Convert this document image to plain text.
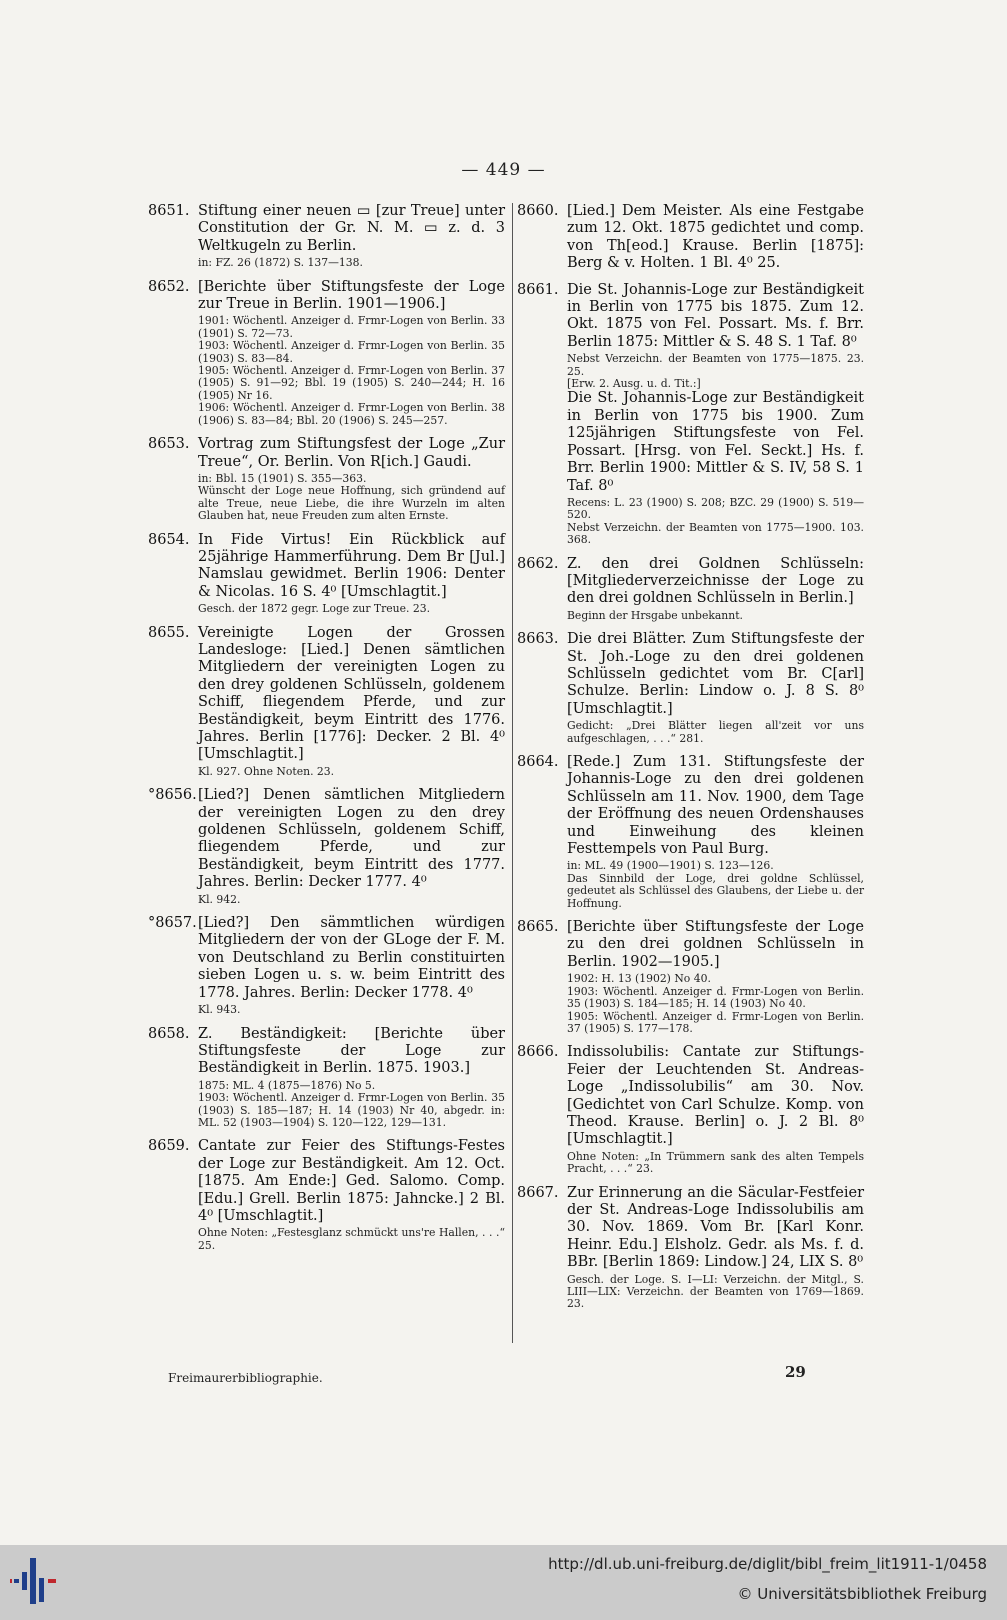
— 449 —
8651. Stiftung einer neuen ▭ [zur Treue] unter Constitution der Gr. N. M. ▭ z. d. 3 Weltkugeln zu Berlin.

in: FZ. 26 (1872) S. 137—138.

8652. [Berichte über Stiftungsfeste der Loge zur Treue in Berlin. 1901—1906.]

1901: Wöchentl. Anzeiger d. Frmr-Logen von Berlin. 33 (1901) S. 72—73.

1903: Wöchentl. Anzeiger d. Frmr-Logen von Berlin. 35 (1903) S. 83—84.

1905: Wöchentl. Anzeiger d. Frmr-Logen von Berlin. 37 (1905) S. 91—92; Bbl. 19 (1905) S. 240—244; H. 16 (1905) Nr 16.

1906: Wöchentl. Anzeiger d. Frmr-Logen von Berlin. 38 (1906) S. 83—84; Bbl. 20 (1906) S. 245—257.

8653. Vortrag zum Stiftungsfest der Loge „Zur Treue“, Or. Berlin. Von R[ich.] Gaudi.

in: Bbl. 15 (1901) S. 355—363.

Wünscht der Loge neue Hoffnung, sich gründend auf alte Treue, neue Liebe, die ihre Wurzeln im alten Glauben hat, neue Freuden zum alten Ernste.

8654. In Fide Virtus! Ein Rückblick auf 25jährige Hammerführung. Dem Br [Jul.] Namslau gewidmet. Berlin 1906: Denter & Nicolas. 16 S. 4⁰ [Umschlagtit.]

Gesch. der 1872 gegr. Loge zur Treue. 23.

8655. Vereinigte Logen der Grossen Landesloge: [Lied.] Denen sämtlichen Mitgliedern der vereinigten Logen zu den drey goldenen Schlüsseln, goldenem Schiff, fliegendem Pferde, und zur Beständigkeit, beym Eintritt des 1776. Jahres. Berlin [1776]: Decker. 2 Bl. 4⁰ [Umschlagtit.]

Kl. 927. Ohne Noten. 23.

°8656. [Lied?] Denen sämtlichen Mitgliedern der vereinigten Logen zu den drey goldenen Schlüsseln, goldenem Schiff, fliegendem Pferde, und zur Beständigkeit, beym Eintritt des 1777. Jahres. Berlin: Decker 1777. 4⁰

Kl. 942.

°8657. [Lied?] Den sämmtlichen würdigen Mitgliedern der von der GLoge der F. M. von Deutschland zu Berlin constituirten sieben Logen u. s. w. beim Eintritt des 1778. Jahres. Berlin: Decker 1778. 4⁰

Kl. 943.

8658. Z. Beständigkeit: [Berichte über Stiftungsfeste der Loge zur Beständigkeit in Berlin. 1875. 1903.]

1875: ML. 4 (1875—1876) No 5.

1903: Wöchentl. Anzeiger d. Frmr-Logen von Berlin. 35 (1903) S. 185—187; H. 14 (1903) Nr 40, abgedr. in: ML. 52 (1903—1904) S. 120—122, 129—131.

8659. Cantate zur Feier des Stiftungs-Festes der Loge zur Beständigkeit. Am 12. Oct. [1875. Am Ende:] Ged. Salomo. Comp. [Edu.] Grell. Berlin 1875: Jahncke.] 2 Bl. 4⁰ [Umschlagtit.]

Ohne Noten: „Festesglanz schmückt uns're Hallen, . . .“ 25.

8660. [Lied.] Dem Meister. Als eine Festgabe zum 12. Okt. 1875 gedichtet und comp. von Th[eod.] Krause. Berlin [1875]: Berg & v. Holten. 1 Bl. 4⁰ 25.
8661. Die St. Johannis-Loge zur Beständigkeit in Berlin von 1775 bis 1875. Zum 12. Okt. 1875 von Fel. Possart. Ms. f. Brr. Berlin 1875: Mittler & S. 48 S. 1 Taf. 8⁰

Nebst Verzeichn. der Beamten von 1775—1875. 23. 25.

[Erw. 2. Ausg. u. d. Tit.:]

Die St. Johannis-Loge zur Beständigkeit in Berlin von 1775 bis 1900. Zum 125jährigen Stiftungsfeste von Fel. Possart. [Hrsg. von Fel. Seckt.] Hs. f. Brr. Berlin 1900: Mittler & S. IV, 58 S. 1 Taf. 8⁰

Recens: L. 23 (1900) S. 208; BZC. 29 (1900) S. 519—520.

Nebst Verzeichn. der Beamten von 1775—1900. 103. 368.

8662. Z. den drei Goldnen Schlüsseln: [Mitgliederverzeichnisse der Loge zu den drei goldnen Schlüsseln in Berlin.]

Beginn der Hrsgabe unbekannt.

8663. Die drei Blätter. Zum Stiftungsfeste der St. Joh.-Loge zu den drei goldenen Schlüsseln gedichtet vom Br. C[arl] Schulze. Berlin: Lindow o. J. 8 S. 8⁰ [Umschlagtit.]

Gedicht: „Drei Blätter liegen all'zeit vor uns aufgeschlagen, . . .“ 281.

8664. [Rede.] Zum 131. Stiftungsfeste der Johannis-Loge zu den drei goldenen Schlüsseln am 11. Nov. 1900, dem Tage der Eröffnung des neuen Ordenshauses und Einweihung des kleinen Festtempels von Paul Burg.

in: ML. 49 (1900—1901) S. 123—126.

Das Sinnbild der Loge, drei goldne Schlüssel, gedeutet als Schlüssel des Glaubens, der Liebe u. der Hoffnung.

8665. [Berichte über Stiftungsfeste der Loge zu den drei goldnen Schlüsseln in Berlin. 1902—1905.]

1902: H. 13 (1902) No 40.

1903: Wöchentl. Anzeiger d. Frmr-Logen von Berlin. 35 (1903) S. 184—185; H. 14 (1903) No 40.

1905: Wöchentl. Anzeiger d. Frmr-Logen von Berlin. 37 (1905) S. 177—178.

8666. Indissolubilis: Cantate zur Stiftungs-Feier der Leuchtenden St. Andreas-Loge „Indissolubilis“ am 30. Nov. [Gedichtet von Carl Schulze. Komp. von Theod. Krause. Berlin] o. J. 2 Bl. 8⁰ [Umschlagtit.]

Ohne Noten: „In Trümmern sank des alten Tempels Pracht, . . .“ 23.

8667. Zur Erinnerung an die Säcular-Festfeier der St. Andreas-Loge Indissolubilis am 30. Nov. 1869. Vom Br. [Karl Konr. Heinr. Edu.] Elsholz. Gedr. als Ms. f. d. BBr. [Berlin 1869: Lindow.] 24, LIX S. 8⁰

Gesch. der Loge. S. I—LI: Verzeichn. der Mitgl., S. LIII—LIX: Verzeichn. der Beamten von 1769—1869. 23.

Freimaurerbibliographie.	29
http://dl.ub.uni-freiburg.de/diglit/bibl_freim_lit1911-1/0458
© Universitätsbibliothek Freiburg
